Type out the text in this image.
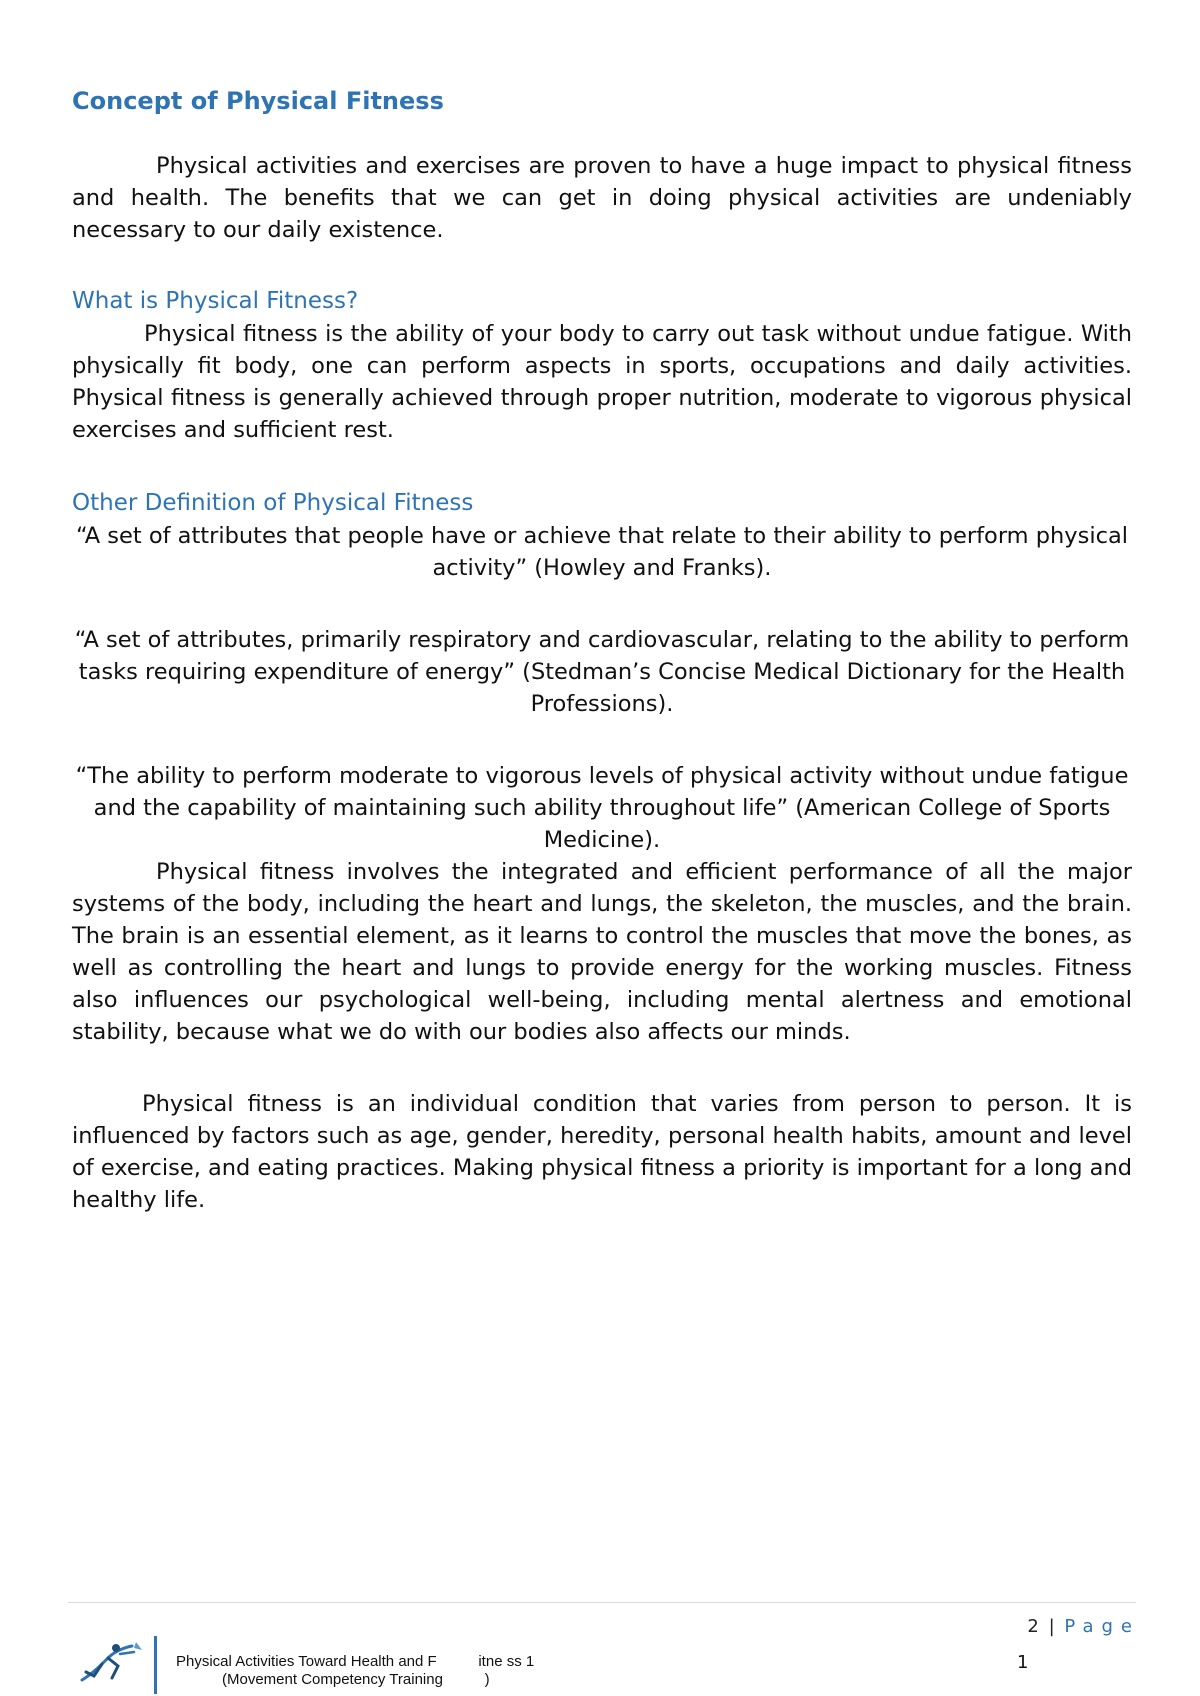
Concept of Physical Fitness

Physical activities and exercises are proven to have a huge impact to physical fitness and health. The benefits that we can get in doing physical activities are undeniably necessary to our daily existence.

What is Physical Fitness?

Physical fitness is the ability of your body to carry out task without undue fatigue. With physically fit body, one can perform aspects in sports, occupations and daily activities. Physical fitness is generally achieved through proper nutrition, moderate to vigorous physical exercises and sufficient rest.

Other Definition of Physical Fitness

“A set of attributes that people have or achieve that relate to their ability to perform physical activity” (Howley and Franks).

“A set of attributes, primarily respiratory and cardiovascular, relating to the ability to perform tasks requiring expenditure of energy” (Stedman’s Concise Medical Dictionary for the Health Professions).

“The ability to perform moderate to vigorous levels of physical activity without undue fatigue and the capability of maintaining such ability throughout life” (American College of Sports Medicine).

Physical fitness involves the integrated and efficient performance of all the major systems of the body, including the heart and lungs, the skeleton, the muscles, and the brain. The brain is an essential element, as it learns to control the muscles that move the bones, as well as controlling the heart and lungs to provide energy for the working muscles. Fitness also influences our psychological well-being, including mental alertness and emotional stability, because what we do with our bodies also affects our minds.

Physical fitness is an individual condition that varies from person to person. It is influenced by factors such as age, gender, heredity, personal health habits, amount and level of exercise, and eating practices. Making physical fitness a priority is important for a long and healthy life.

2 | Page
Physical Activities Toward Health and F          itne ss 1
(Movement Competency Training          )
1
